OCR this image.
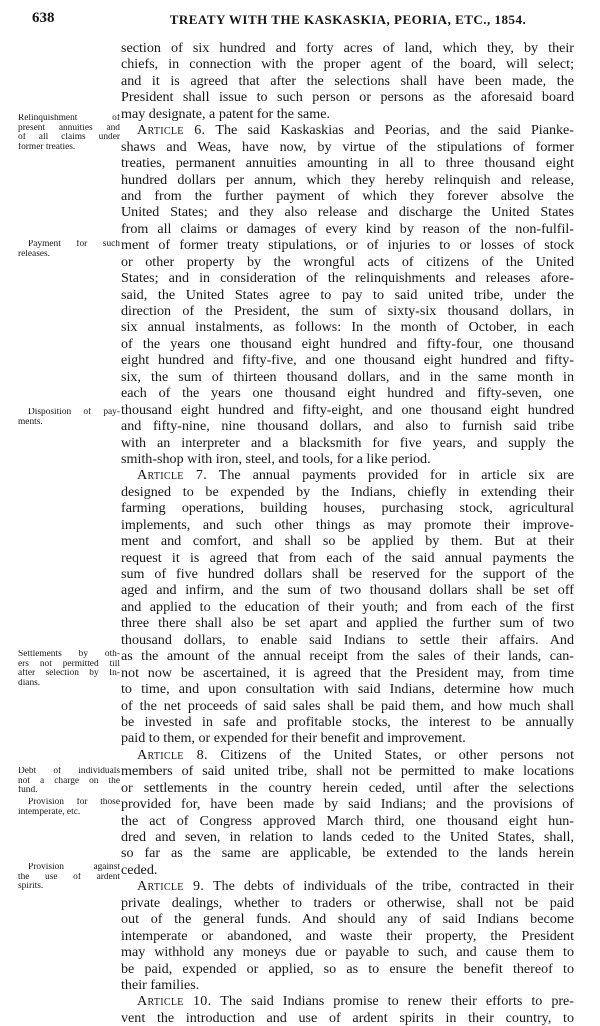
638	TREATY WITH THE KASKASKIA, PEORIA, ETC., 1854.
Relinquishment of
present annuities and
of all claims under
former treaties.
Payment for such
releases.
Disposition of pay-
ments.
Settlements by oth-
ers not permitted till
after selection by In-
dians.
Debt of individuals
not a charge on the
fund.
Provision for those
intemperate, etc.
Provision against
the use of ardent
spirits.
section of six hundred and forty acres of land, which they, by their
chiefs, in connection with the proper agent of the board, will select;
and it is agreed that after the selections shall have been made, the
President shall issue to such person or persons as the aforesaid board
may designate, a patent for the same.
Article 6. The said Kaskaskias and Peorias, and the said Pianke-
shaws and Weas, have now, by virtue of the stipulations of former
treaties, permanent annuities amounting in all to three thousand eight
hundred dollars per annum, which they hereby relinquish and release,
and from the further payment of which they forever absolve the
United States; and they also release and discharge the United States
from all claims or damages of every kind by reason of the non-fulfil-
ment of former treaty stipulations, or of injuries to or losses of stock
or other property by the wrongful acts of citizens of the United
States; and in consideration of the relinquishments and releases afore-
said, the United States agree to pay to said united tribe, under the
direction of the President, the sum of sixty-six thousand dollars, in
six annual instalments, as follows: In the month of October, in each
of the years one thousand eight hundred and fifty-four, one thousand
eight hundred and fifty-five, and one thousand eight hundred and fifty-
six, the sum of thirteen thousand dollars, and in the same month in
each of the years one thousand eight hundred and fifty-seven, one
thousand eight hundred and fifty-eight, and one thousand eight hundred
and fifty-nine, nine thousand dollars, and also to furnish said tribe
with an interpreter and a blacksmith for five years, and supply the
smith-shop with iron, steel, and tools, for a like period.
Article 7. The annual payments provided for in article six are
designed to be expended by the Indians, chiefly in extending their
farming operations, building houses, purchasing stock, agricultural
implements, and such other things as may promote their improve-
ment and comfort, and shall so be applied by them. But at their
request it is agreed that from each of the said annual payments the
sum of five hundred dollars shall be reserved for the support of the
aged and infirm, and the sum of two thousand dollars shall be set off
and applied to the education of their youth; and from each of the first
three there shall also be set apart and applied the further sum of two
thousand dollars, to enable said Indians to settle their affairs. And
as the amount of the annual receipt from the sales of their lands, can-
not now be ascertained, it is agreed that the President may, from time
to time, and upon consultation with said Indians, determine how much
of the net proceeds of said sales shall be paid them, and how much shall
be invested in safe and profitable stocks, the interest to be annually
paid to them, or expended for their benefit and improvement.
Article 8. Citizens of the United States, or other persons not
members of said united tribe, shall not be permitted to make locations
or settlements in the country herein ceded, until after the selections
provided for, have been made by said Indians; and the provisions of
the act of Congress approved March third, one thousand eight hun-
dred and seven, in relation to lands ceded to the United States, shall,
so far as the same are applicable, be extended to the lands herein
ceded.
Article 9. The debts of individuals of the tribe, contracted in their
private dealings, whether to traders or otherwise, shall not be paid
out of the general funds. And should any of said Indians become
intemperate or abandoned, and waste their property, the President
may withhold any moneys due or payable to such, and cause them to
be paid, expended or applied, so as to ensure the benefit thereof to
their families.
Article 10. The said Indians promise to renew their efforts to pre-
vent the introduction and use of ardent spirits in their country, to
